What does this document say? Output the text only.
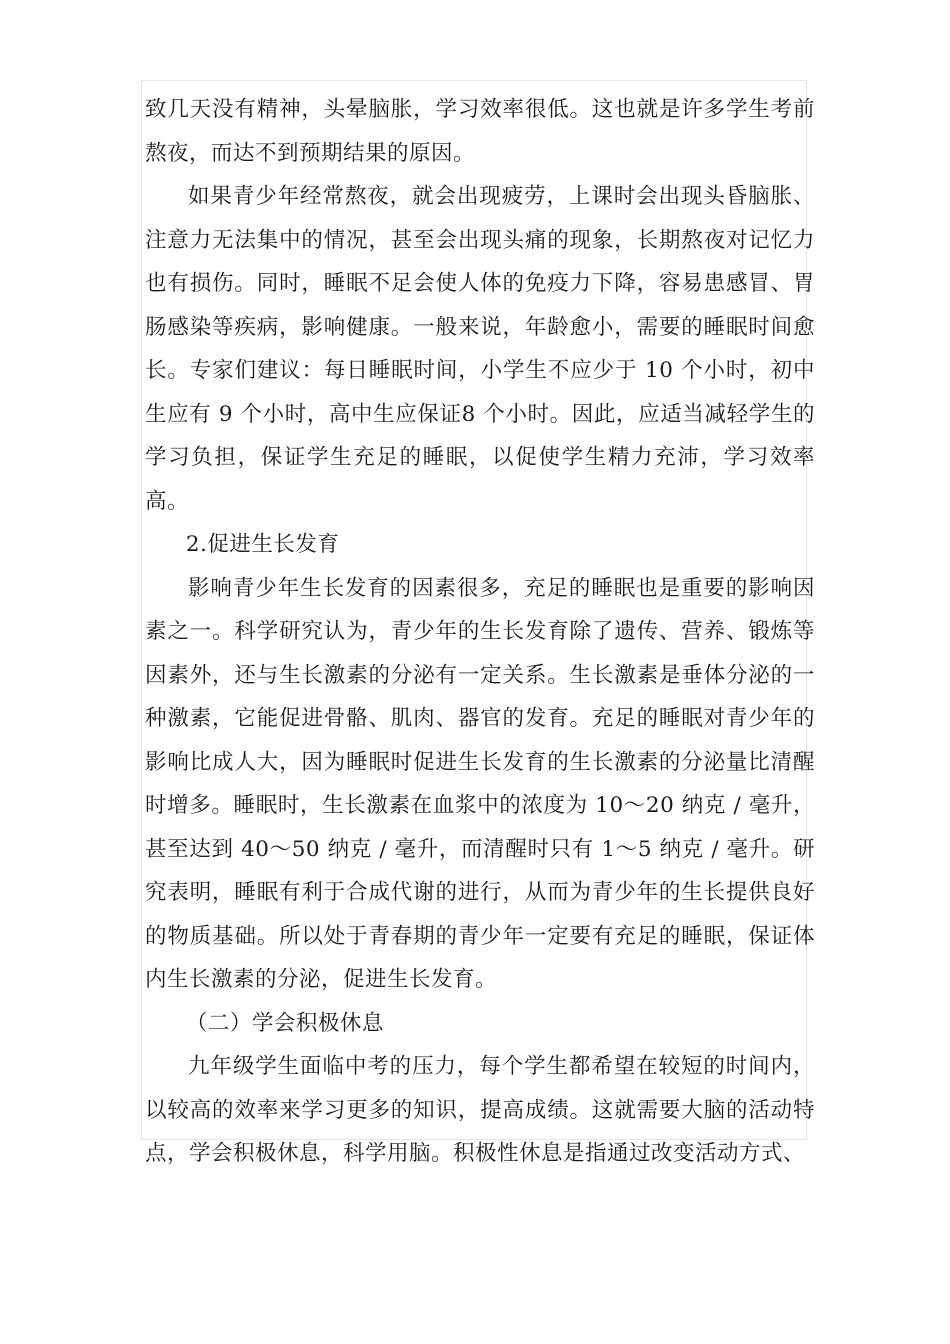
致几天没有精神，头晕脑胀，学习效率很低。这也就是许多学生考前熬夜，而达不到预期结果的原因。

如果青少年经常熬夜，就会出现疲劳，上课时会出现头昏脑胀、注意力无法集中的情况，甚至会出现头痛的现象，长期熬夜对记忆力也有损伤。同时，睡眠不足会使人体的免疫力下降，容易患感冒、胃肠感染等疾病，影响健康。一般来说，年龄愈小，需要的睡眠时间愈长。专家们建议：每日睡眠时间，小学生不应少于 10 个小时，初中生应有 9 个小时，高中生应保证8 个小时。因此，应适当减轻学生的学习负担，保证学生充足的睡眠，以促使学生精力充沛，学习效率高。

2.促进生长发育

影响青少年生长发育的因素很多，充足的睡眠也是重要的影响因素之一。科学研究认为，青少年的生长发育除了遗传、营养、锻炼等因素外，还与生长激素的分泌有一定关系。生长激素是垂体分泌的一种激素，它能促进骨骼、肌肉、器官的发育。充足的睡眠对青少年的影响比成人大，因为睡眠时促进生长发育的生长激素的分泌量比清醒时增多。睡眠时，生长激素在血浆中的浓度为 10～20 纳克 / 毫升，甚至达到 40～50 纳克 / 毫升，而清醒时只有 1～5 纳克 / 毫升。研究表明，睡眠有利于合成代谢的进行，从而为青少年的生长提供良好的物质基础。所以处于青春期的青少年一定要有充足的睡眠，保证体内生长激素的分泌，促进生长发育。

（二）学会积极休息

九年级学生面临中考的压力，每个学生都希望在较短的时间内，以较高的效率来学习更多的知识，提高成绩。这就需要大脑的活动特点，学会积极休息，科学用脑。积极性休息是指通过改变活动方式、
